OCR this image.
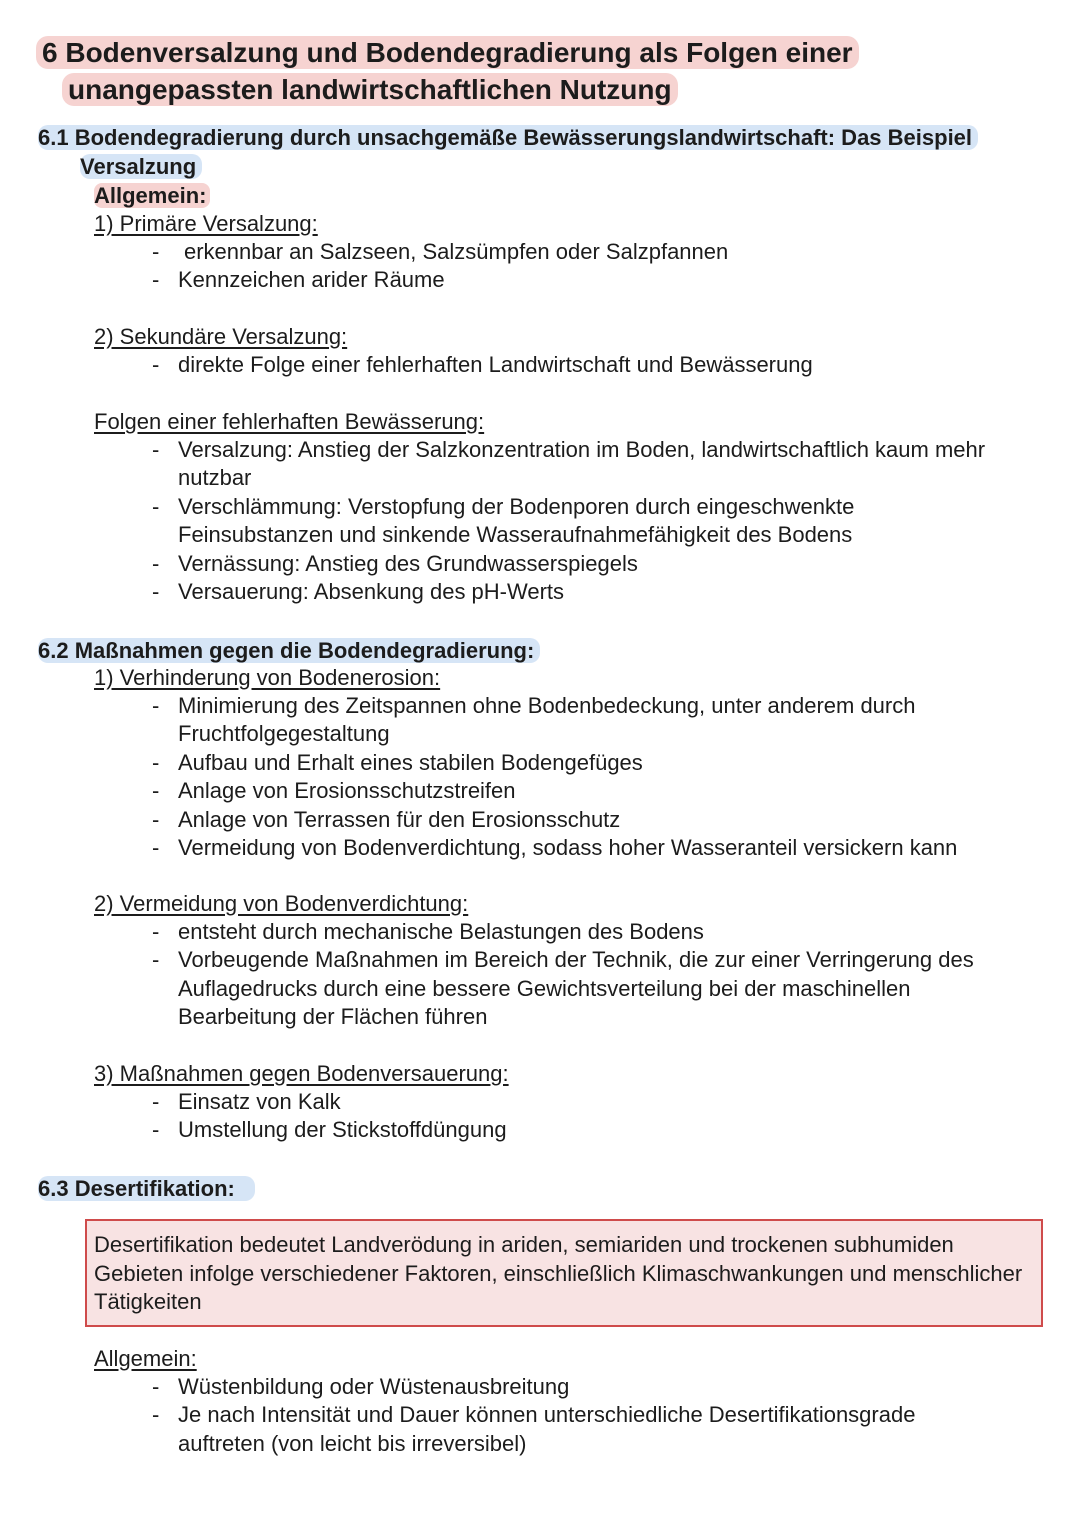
6 Bodenversalzung und Bodendegradierung als Folgen einer
unangepassten landwirtschaftlichen Nutzung
6.1 Bodendegradierung durch unsachgemäße Bewässerungslandwirtschaft: Das Beispiel
Versalzung
Allgemein:
1) Primäre Versalzung:
- erkennbar an Salzseen, Salzsümpfen oder Salzpfannen
- Kennzeichen arider Räume
2) Sekundäre Versalzung:
- direkte Folge einer fehlerhaften Landwirtschaft und Bewässerung
Folgen einer fehlerhaften Bewässerung:
- Versalzung: Anstieg der Salzkonzentration im Boden, landwirtschaftlich kaum mehr nutzbar
- Verschlämmung: Verstopfung der Bodenporen durch eingeschwenkte Feinsubstanzen und sinkende Wasseraufnahmefähigkeit des Bodens
- Vernässung: Anstieg des Grundwasserspiegels
- Versauerung: Absenkung des pH-Werts
6.2 Maßnahmen gegen die Bodendegradierung:
1) Verhinderung von Bodenerosion:
- Minimierung des Zeitspannen ohne Bodenbedeckung, unter anderem durch Fruchtfolgegestaltung
- Aufbau und Erhalt eines stabilen Bodengefüges
- Anlage von Erosionsschutzstreifen
- Anlage von Terrassen für den Erosionsschutz
- Vermeidung von Bodenverdichtung, sodass hoher Wasseranteil versickern kann
2) Vermeidung von Bodenverdichtung:
- entsteht durch mechanische Belastungen des Bodens
- Vorbeugende Maßnahmen im Bereich der Technik, die zur einer Verringerung des Auflagedrucks durch eine bessere Gewichtsverteilung bei der maschinellen Bearbeitung der Flächen führen
3) Maßnahmen gegen Bodenversauerung:
- Einsatz von Kalk
- Umstellung der Stickstoffdüngung
6.3 Desertifikation:
Desertifikation bedeutet Landverödung in ariden, semiariden und trockenen subhumiden Gebieten infolge verschiedener Faktoren, einschließlich Klimaschwankungen und menschlicher Tätigkeiten
Allgemein:
- Wüstenbildung oder Wüstenausbreitung
- Je nach Intensität und Dauer können unterschiedliche Desertifikationsgrade auftreten (von leicht bis irreversibel)
